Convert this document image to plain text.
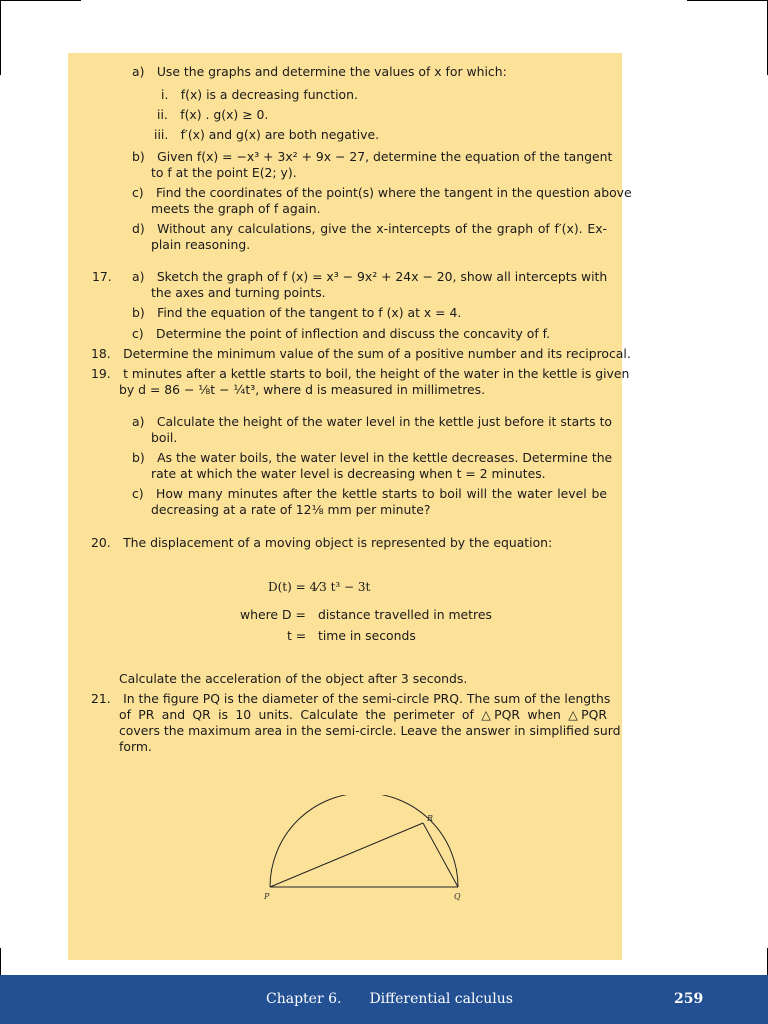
a) Use the graphs and determine the values of x for which:
i. f(x) is a decreasing function.
ii. f(x) . g(x) ≥ 0.
iii. f′(x) and g(x) are both negative.
b) Given f(x) = −x³ + 3x² + 9x − 27, determine the equation of the tangent
to f at the point E(2; y).
c) Find the coordinates of the point(s) where the tangent in the question above
meets the graph of f again.
d) Without any calculations, give the x-intercepts of the graph of f′(x). Ex-
plain reasoning.
17. a) Sketch the graph of f (x) = x³ − 9x² + 24x − 20, show all intercepts with
the axes and turning points.
b) Find the equation of the tangent to f (x) at x = 4.
c) Determine the point of inflection and discuss the concavity of f.
18. Determine the minimum value of the sum of a positive number and its reciprocal.
19. t minutes after a kettle starts to boil, the height of the water in the kettle is given
by d = 86 − ⅛t − ¼t³, where d is measured in millimetres.
a) Calculate the height of the water level in the kettle just before it starts to
boil.
b) As the water boils, the water level in the kettle decreases. Determine the
rate at which the water level is decreasing when t = 2 minutes.
c) How many minutes after the kettle starts to boil will the water level be
decreasing at a rate of 12⅛ mm per minute?
20. The displacement of a moving object is represented by the equation:
D(t) = 4⁄3 t³ − 3t
where D = distance travelled in metres
t = time in seconds
Calculate the acceleration of the object after 3 seconds.
21. In the figure PQ is the diameter of the semi-circle PRQ. The sum of the lengths
of PR and QR is 10 units. Calculate the perimeter of △PQR when △PQR
covers the maximum area in the semi-circle. Leave the answer in simplified surd
form.
R
P	Q
Chapter 6.  Differential calculus	259
